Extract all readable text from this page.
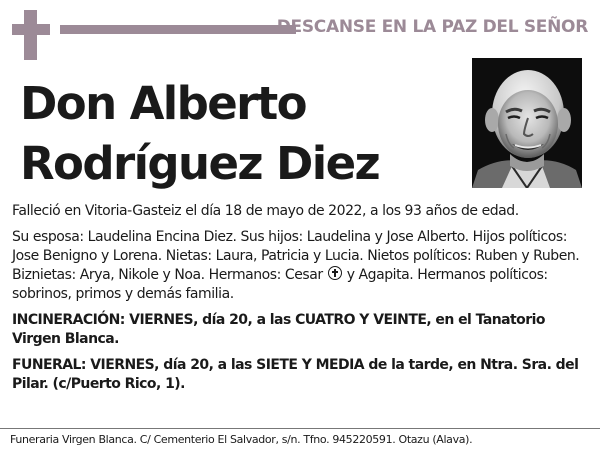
DESCANSE EN LA PAZ DEL SEÑOR
Don Alberto
Rodríguez Diez

Falleció en Vitoria-Gasteiz el día 18 de mayo de 2022, a los 93 años de edad.

Su esposa: Laudelina Encina Diez. Sus hijos: Laudelina y Jose Alberto. Hijos políticos: Jose Benigno y Lorena. Nietas: Laura, Patricia y Lucia. Nietos políticos: Ruben y Ruben. Biznietas: Arya, Nikole y Noa. Hermanos: Cesar y Agapita. Hermanos políticos: sobrinos, primos y demás familia.

INCINERACIÓN: VIERNES, día 20, a las CUATRO Y VEINTE, en el Tanatorio Virgen Blanca.

FUNERAL: VIERNES, día 20, a las SIETE Y MEDIA de la tarde, en Ntra. Sra. del Pilar. (c/Puerto Rico, 1).

Funeraria Virgen Blanca. C/ Cementerio El Salvador, s/n. Tfno. 945220591. Otazu (Alava).
